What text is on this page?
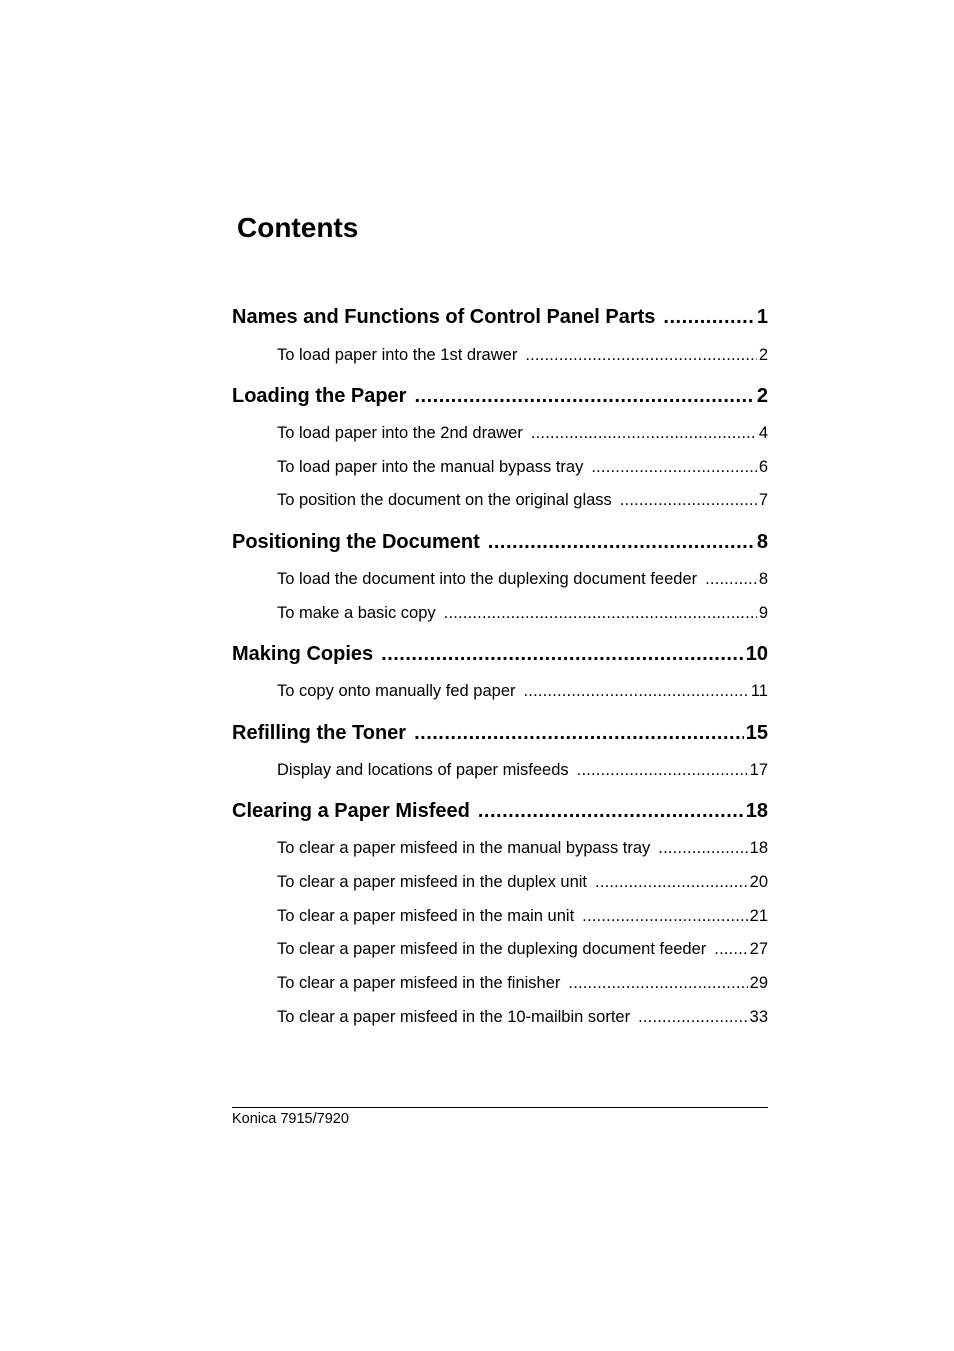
Contents
Names and Functions of Control Panel Parts .....	1
To load paper into the 1st drawer .....	2
Loading the Paper .....	2
To load paper into the 2nd drawer .....	4
To load paper into the manual bypass tray .....	6
To position the document on the original glass .....	7
Positioning the Document .....	8
To load the document into the duplexing document feeder .....	8
To make a basic copy .....	9
Making Copies .....	10
To copy onto manually fed paper .....	11
Refilling the Toner .....	15
Display and locations of paper misfeeds .....	17
Clearing a Paper Misfeed .....	18
To clear a paper misfeed in the manual bypass tray .....	18
To clear a paper misfeed in the duplex unit .....	20
To clear a paper misfeed in the main unit .....	21
To clear a paper misfeed in the duplexing document feeder .....	27
To clear a paper misfeed in the finisher .....	29
To clear a paper misfeed in the 10-mailbin sorter .....	33
Konica 7915/7920
